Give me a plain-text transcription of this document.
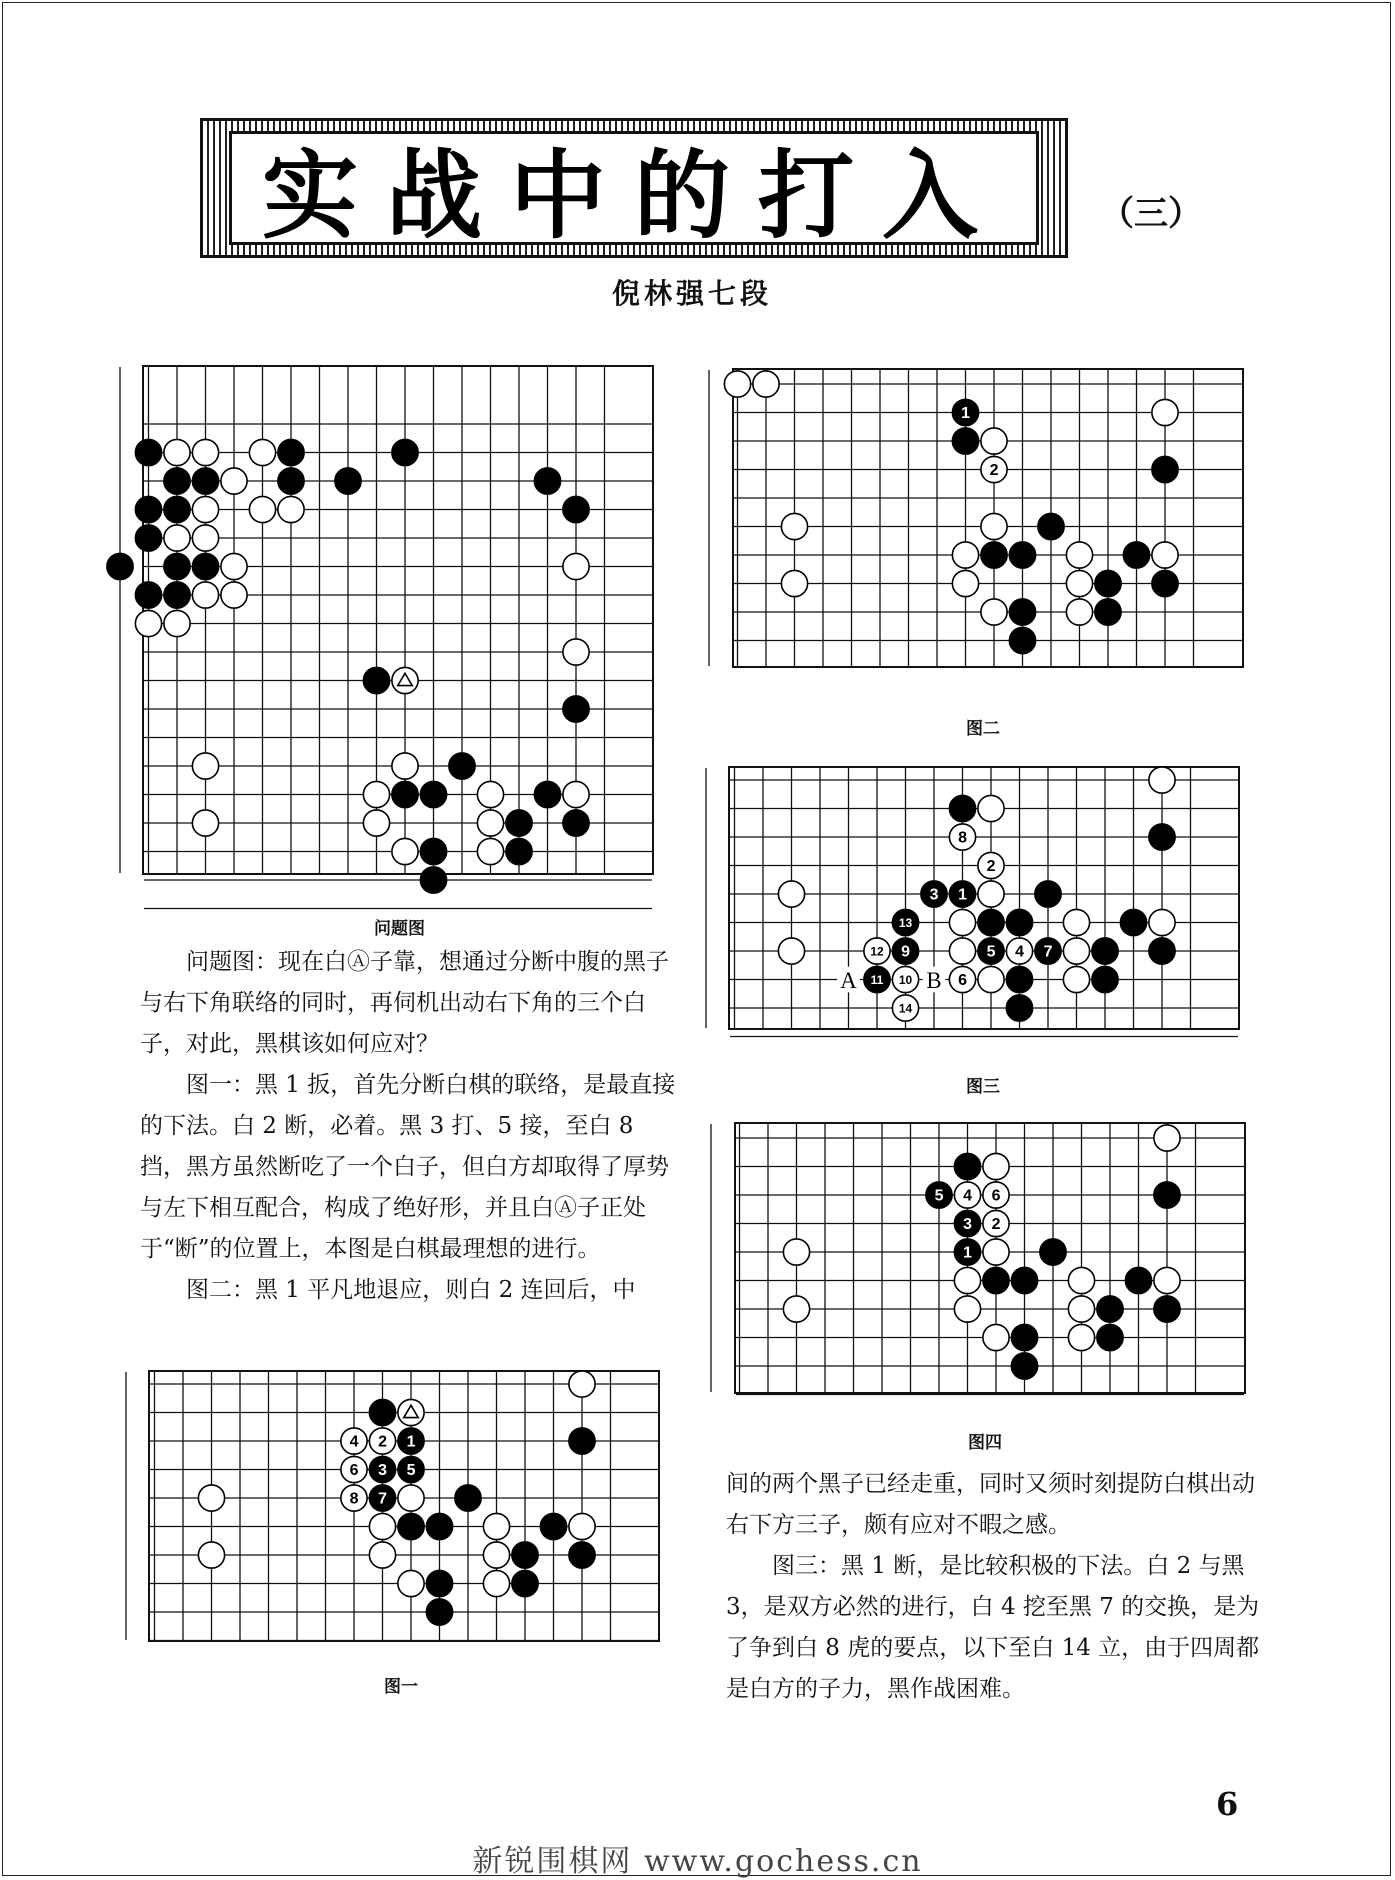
实战中的打入	（三）
倪林强七段
问题图

问题图：现在白Ⓐ子靠，想通过分断中腹的黑子与右下角联络的同时，再伺机出动右下角的三个白子，对此，黑棋该如何应对？

图一：黑 1 扳，首先分断白棋的联络，是最直接的下法。白 2 断，必着。黑 3 打、5 接，至白 8 挡，黑方虽然断吃了一个白子，但白方却取得了厚势与左下相互配合，构成了绝好形，并且白Ⓐ子正处于“断”的位置上，本图是白棋最理想的进行。

图二：黑 1 平凡地退应，则白 2 连回后，中

4 2 1
6 3 5
8 7
图一
1
2
图二
8
2
3 1
13
12 9	5 4 7
11 10	6
14
A	B
图三
5 4 6
3 2
1
图四

间的两个黑子已经走重，同时又须时刻提防白棋出动右下方三子，颇有应对不暇之感。

图三：黑 1 断，是比较积极的下法。白 2 与黑 3，是双方必然的进行，白 4 挖至黑 7 的交换，是为了争到白 8 虎的要点，以下至白 14 立，由于四周都是白方的子力，黑作战困难。

6
新锐围棋网 www.gochess.cn
